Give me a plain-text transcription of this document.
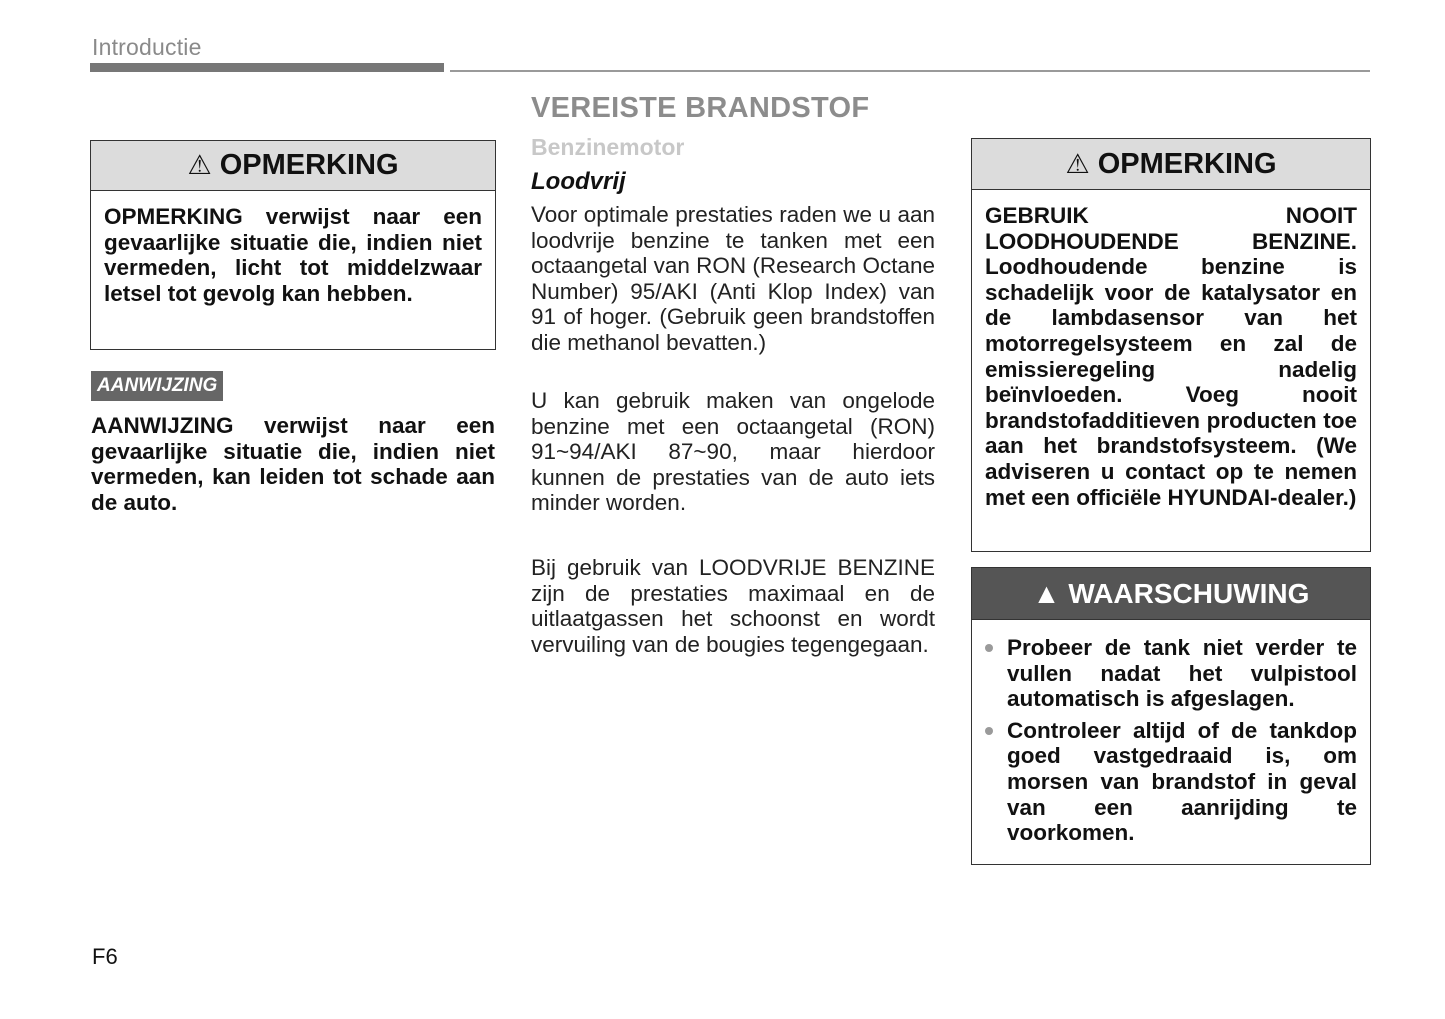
Introductie
⚠ OPMERKING
OPMERKING verwijst naar een gevaarlijke situatie die, indien niet vermeden, licht tot middelzwaar letsel tot gevolg kan hebben.
AANWIJZING
AANWIJZING verwijst naar een gevaarlijke situatie die, indien niet vermeden, kan leiden tot schade aan de auto.
VEREISTE BRANDSTOF
Benzinemotor
Loodvrij
Voor optimale prestaties raden we u aan loodvrije benzine te tanken met een octaangetal van RON (Research Octane Number) 95/AKI (Anti Klop Index) van 91 of hoger. (Gebruik geen brandstoffen die methanol bevatten.)
U kan gebruik maken van ongelode benzine met een octaangetal (RON) 91~94/AKI 87~90, maar hierdoor kunnen de prestaties van de auto iets minder worden.
Bij gebruik van LOODVRIJE BENZINE zijn de prestaties maximaal en de uitlaatgassen het schoonst en wordt vervuiling van de bougies tegengegaan.
⚠ OPMERKING
GEBRUIK NOOIT LOODHOUDENDE BENZINE. Loodhoudende benzine is schadelijk voor de katalysator en de lambdasensor van het motorregelsysteem en zal de emissieregeling nadelig beïnvloeden. Voeg nooit brandstofadditieven producten toe aan het brandstofsysteem. (We adviseren u contact op te nemen met een officiële HYUNDAI-dealer.)
▲ WAARSCHUWING
Probeer de tank niet verder te vullen nadat het vulpistool automatisch is afgeslagen.
Controleer altijd of de tankdop goed vastgedraaid is, om morsen van brandstof in geval van een aanrijding te voorkomen.
F6
